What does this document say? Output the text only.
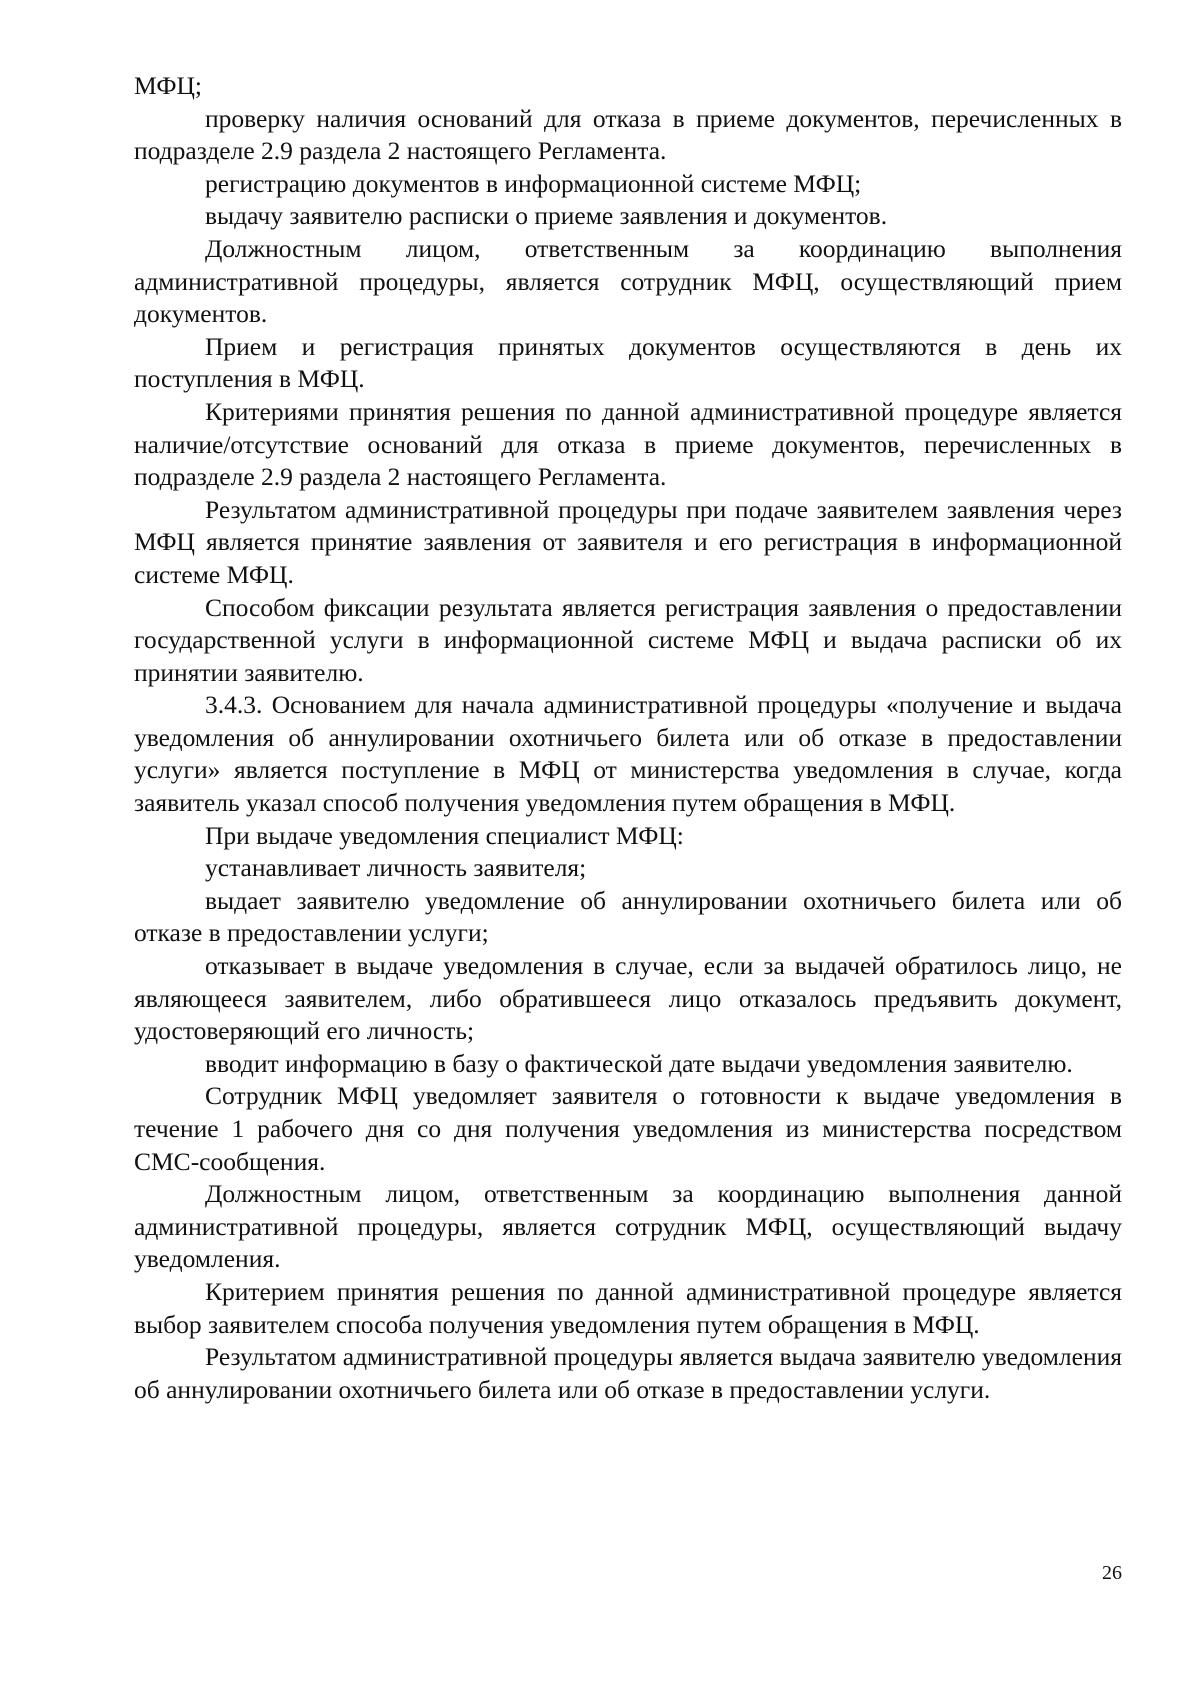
МФЦ;

проверку наличия оснований для отказа в приеме документов, перечисленных в подразделе 2.9 раздела 2 настоящего Регламента.

регистрацию документов в информационной системе МФЦ;

выдачу заявителю расписки о приеме заявления и документов.

Должностным лицом, ответственным за координацию выполнения административной процедуры, является сотрудник МФЦ, осуществляющий прием документов.

Прием и регистрация принятых документов осуществляются в день их поступления в МФЦ.

Критериями принятия решения по данной административной процедуре является наличие/отсутствие оснований для отказа в приеме документов, перечисленных в подразделе 2.9 раздела 2 настоящего Регламента.

Результатом административной процедуры при подаче заявителем заявления через МФЦ является принятие заявления от заявителя и его регистрация в информационной системе МФЦ.

Способом фиксации результата является регистрация заявления о предоставлении государственной услуги в информационной системе МФЦ и выдача расписки об их принятии заявителю.

3.4.3. Основанием для начала административной процедуры «получение и выдача уведомления об аннулировании охотничьего билета или об отказе в предоставлении услуги» является поступление в МФЦ от министерства уведомления в случае, когда заявитель указал способ получения уведомления путем обращения в МФЦ.

При выдаче уведомления специалист МФЦ:

устанавливает личность заявителя;

выдает заявителю уведомление об аннулировании охотничьего билета или об отказе в предоставлении услуги;

отказывает в выдаче уведомления в случае, если за выдачей обратилось лицо, не являющееся заявителем, либо обратившееся лицо отказалось предъявить документ, удостоверяющий его личность;

вводит информацию в базу о фактической дате выдачи уведомления заявителю.

Сотрудник МФЦ уведомляет заявителя о готовности к выдаче уведомления в течение 1 рабочего дня со дня получения уведомления из министерства посредством СМС-сообщения.

Должностным лицом, ответственным за координацию выполнения данной административной процедуры, является сотрудник МФЦ, осуществляющий выдачу уведомления.

Критерием принятия решения по данной административной процедуре является выбор заявителем способа получения уведомления путем обращения в МФЦ.

Результатом административной процедуры является выдача заявителю уведомления об аннулировании охотничьего билета или об отказе в предоставлении услуги.

26
